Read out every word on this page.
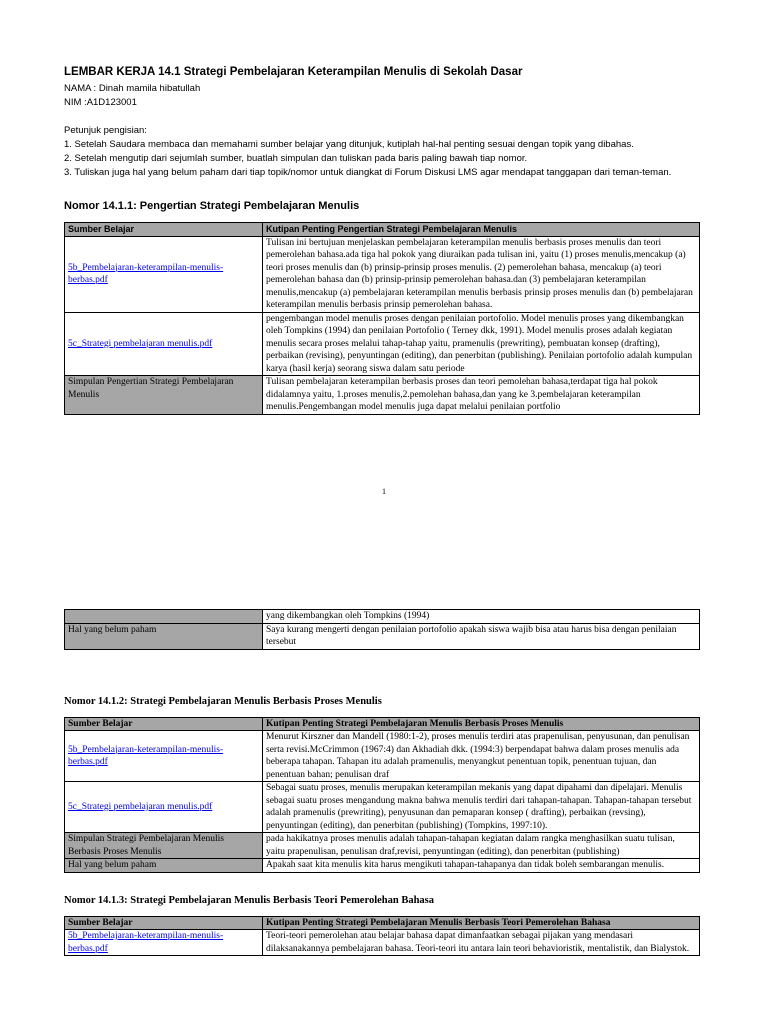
LEMBAR KERJA 14.1 Strategi Pembelajaran Keterampilan Menulis di Sekolah Dasar

NAMA : Dinah mamila hibatullah

NIM :A1D123001

Petunjuk pengisian:

1. Setelah Saudara membaca dan memahami sumber belajar yang ditunjuk, kutiplah hal-hal penting sesuai dengan topik yang dibahas.

2. Setelah mengutip dari sejumlah sumber, buatlah simpulan dan tuliskan pada baris paling bawah tiap nomor.

3. Tuliskan juga hal yang belum paham dari tiap topik/nomor untuk diangkat di Forum Diskusi LMS agar mendapat tanggapan dari teman-teman.

Nomor 14.1.1: Pengertian Strategi Pembelajaran Menulis

Sumber Belajar	Kutipan Penting Pengertian Strategi Pembelajaran Menulis
5b_Pembelajaran-keterampilan-menulis-berbas.pdf	Tulisan ini bertujuan menjelaskan pembelajaran keterampilan menulis berbasis proses menulis dan teori pemerolehan bahasa.ada tiga hal pokok yang diuraikan pada tulisan ini, yaitu (1) proses menulis,mencakup (a) teori proses menulis dan (b) prinsip-prinsip proses menulis. (2) pemerolehan bahasa, mencakup (a) teori pemerolehan bahasa dan (b) prinsip-prinsip pemerolehan bahasa.dan (3) pembelajaran keterampilan menulis,mencakup (a) pembelajaran keterampilan menulis berbasis prinsip proses menulis dan (b) pembelajaran keterampilan menulis berbasis prinsip pemerolehan bahasa.
5c_Strategi pembelajaran menulis.pdf	pengembangan model menulis proses dengan penilaian portofolio. Model menulis proses yang dikembangkan oleh Tompkins (1994) dan penilaian Portofolio ( Terney dkk, 1991). Model menulis proses adalah kegiatan menulis secara proses melalui tahap-tahap yaitu, pramenulis (prewriting), pembuatan konsep (drafting), perbaikan (revising), penyuntingan (editing), dan penerbitan (publishing). Penilaian portofolio adalah kumpulan karya (hasil kerja) seorang siswa dalam satu periode
Simpulan Pengertian Strategi Pembelajaran Menulis	Tulisan pembelajaran keterampilan berbasis proses dan teori pemolehan bahasa,terdapat tiga hal pokok didalamnya yaitu, 1.proses menulis,2.pemolehan bahasa,dan yang ke 3.pembelajaran keterampilan menulis.Pengembangan model menulis juga dapat melalui penilaian portfolio
1
	yang dikembangkan oleh Tompkins (1994)
Hal yang belum paham	Saya kurang mengerti dengan penilaian portofolio apakah siswa wajib bisa atau harus bisa dengan penilaian tersebut

Nomor 14.1.2: Strategi Pembelajaran Menulis Berbasis Proses Menulis

Sumber Belajar	Kutipan Penting Strategi Pembelajaran Menulis Berbasis Proses Menulis
5b_Pembelajaran-keterampilan-menulis-berbas.pdf	Menurut Kirszner dan Mandell (1980:1-2), proses menulis terdiri atas prapenulisan, penyusunan, dan penulisan serta revisi.McCrimmon (1967:4) dan Akhadiah dkk. (1994:3) berpendapat bahwa dalam proses menulis ada beberapa tahapan. Tahapan itu adalah pramenulis, menyangkut penentuan topik, penentuan tujuan, dan penentuan bahan; penulisan draf
5c_Strategi pembelajaran menulis.pdf	Sebagai suatu proses, menulis merupakan keterampilan mekanis yang dapat dipahami dan dipelajari. Menulis sebagai suatu proses mengandung makna bahwa menulis terdiri dari tahapan-tahapan. Tahapan-tahapan tersebut adalah pramenulis (prewriting), penyusunan dan pemaparan konsep ( drafting), perbaikan (revsing), penyuntingan (editing), dan penerbitan (publishing) (Tompkins, 1997:10).
Simpulan Strategi Pembelajaran Menulis Berbasis Proses Menulis	pada hakikatnya proses menulis adalah tahapan-tahapan kegiatan dalam rangka menghasilkan suatu tulisan, yaitu prapenulisan, penulisan draf,revisi, penyuntingan (editing), dan penerbitan (publishing)
Hal yang belum paham	Apakah saat kita menulis kita harus mengikuti tahapan-tahapanya dan tidak boleh sembarangan menulis.

Nomor 14.1.3: Strategi Pembelajaran Menulis Berbasis Teori Pemerolehan Bahasa

Sumber Belajar	Kutipan Penting Strategi Pembelajaran Menulis Berbasis Teori Pemerolehan Bahasa
5b_Pembelajaran-keterampilan-menulis-berbas.pdf	Teori-teori pemerolehan atau belajar bahasa dapat dimanfaatkan sebagai pijakan yang mendasari dilaksanakannya pembelajaran bahasa. Teori-teori itu antara lain teori behavioristik, mentalistik, dan Bialystok.
